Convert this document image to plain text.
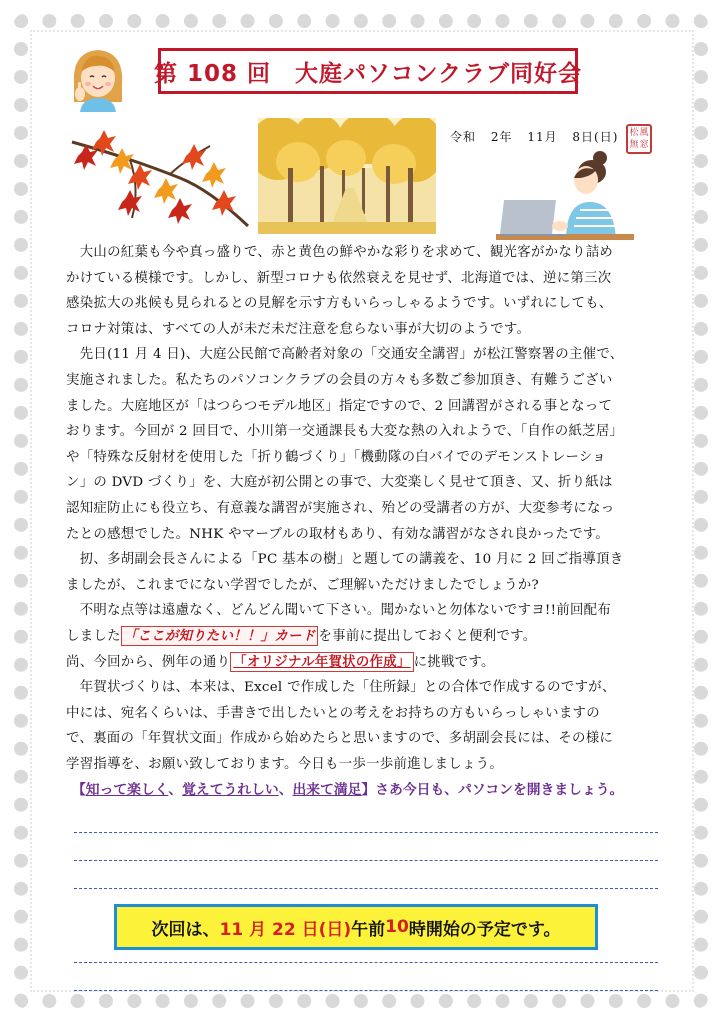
第 108 回　大庭パソコンクラブ同好会
令和 2年 11月 8日(日) 松 風
無 窓

　大山の紅葉も今や真っ盛りで、赤と黄色の鮮やかな彩りを求めて、観光客がかなり詰め

かけている模様です。しかし、新型コロナも依然衰えを見せず、北海道では、逆に第三次

感染拡大の兆候も見られるとの見解を示す方もいらっしゃるようです。いずれにしても、

コロナ対策は、すべての人が未だ未だ注意を怠らない事が大切のようです。

　先日(11 月 4 日)、大庭公民館で高齢者対象の「交通安全講習」が松江警察署の主催で、

実施されました。私たちのパソコンクラブの会員の方々も多数ご参加頂き、有難うござい

ました。大庭地区が「はつらつモデル地区」指定ですので、2 回講習がされる事となって

おります。今回が 2 回目で、小川第一交通課長も大変な熱の入れようで、「自作の紙芝居」

や「特殊な反射材を使用した「折り鶴づくり」「機動隊の白バイでのデモンストレーショ

ン」の DVD づくり」を、大庭が初公開との事で、大変楽しく見せて頂き、又、折り紙は

認知症防止にも役立ち、有意義な講習が実施され、殆どの受講者の方が、大変参考になっ

たとの感想でした。NHK やマーブルの取材もあり、有効な講習がなされ良かったです。

　扨、多胡副会長さんによる「PC 基本の樹」と題しての講義を、10 月に 2 回ご指導頂き

ましたが、これまでにない学習でしたが、ご理解いただけましたでしょうか?

　不明な点等は遠慮なく、どんどん聞いて下さい。聞かないと勿体ないですヨ!!前回配布

しました 「ここが知りたい！！」カード を事前に提出しておくと便利です。

尚、今回から、例年の通り 「オリジナル年賀状の作成」 に挑戦です。

　年賀状づくりは、本来は、Excel で作成した「住所録」との合体で作成するのですが、

中には、宛名くらいは、手書きで出したいとの考えをお持ちの方もいらっしゃいますの

で、裏面の「年賀状文面」作成から始めたらと思いますので、多胡副会長には、その様に

学習指導を、お願い致しております。今日も一歩一歩前進しましょう。

【知って楽しく、覚えてうれしい、出来て満足】さあ今日も、パソコンを開きましょう。
次回は、 11 月 22 日 (日) 午前 10 時開始の予定です。
